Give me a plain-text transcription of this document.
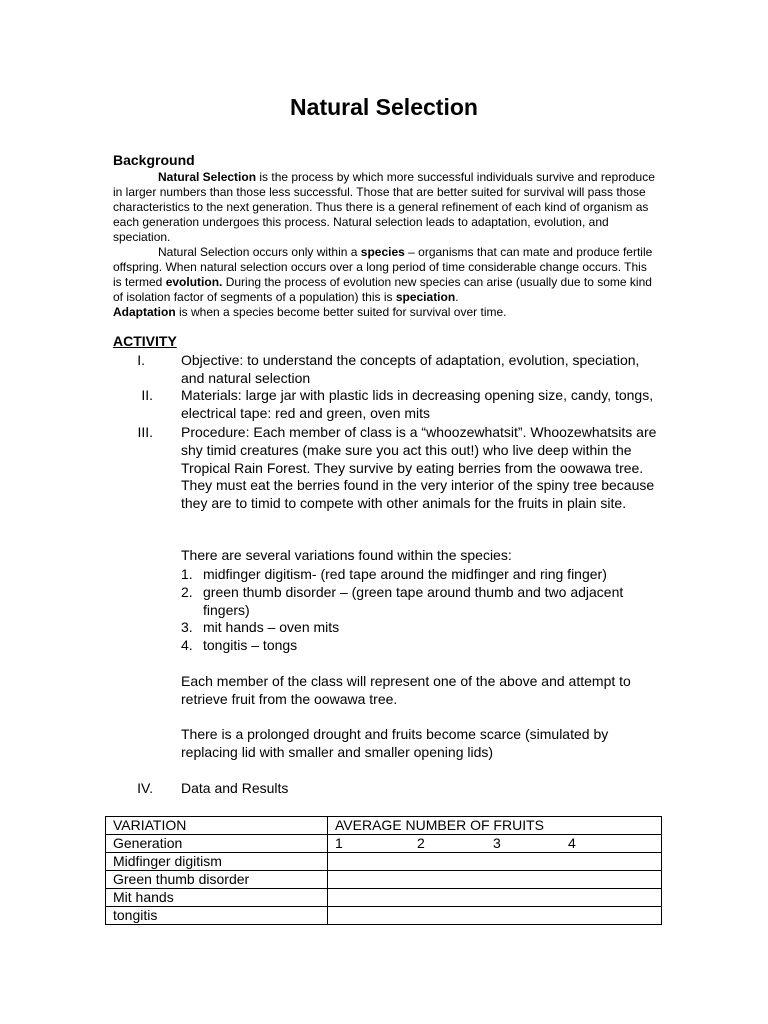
Natural Selection
Background

Natural Selection is the process by which more successful individuals survive and reproduce in larger numbers than those less successful. Those that are better suited for survival will pass those characteristics to the next generation. Thus there is a general refinement of each kind of organism as each generation undergoes this process. Natural selection leads to adaptation, evolution, and speciation.

Natural Selection occurs only within a species – organisms that can mate and produce fertile offspring. When natural selection occurs over a long period of time considerable change occurs. This is termed evolution. During the process of evolution new species can arise (usually due to some kind of isolation factor of segments of a population) this is speciation.
Adaptation is when a species become better suited for survival over time.

ACTIVITY
I.	Objective: to understand the concepts of adaptation, evolution, speciation, and natural selection
II. Materials: large jar with plastic lids in decreasing opening size, candy, tongs, electrical tape: red and green, oven mits
III. Procedure: Each member of class is a “whoozewhatsit”. Whoozewhatsits are shy timid creatures (make sure you act this out!) who live deep within the Tropical Rain Forest. They survive by eating berries from the oowawa tree. They must eat the berries found in the very interior of the spiny tree because they are to timid to compete with other animals for the fruits in plain site.

There are several variations found within the species:

1. midfinger digitism- (red tape around the midfinger and ring finger)
2. green thumb disorder – (green tape around thumb and two adjacent fingers)
3. mit hands – oven mits
4. tongitis – tongs

Each member of the class will represent one of the above and attempt to retrieve fruit from the oowawa tree.

There is a prolonged drought and fruits become scarce (simulated by replacing lid with smaller and smaller opening lids)

IV. Data and Results
VARIATION	AVERAGE NUMBER OF FRUITS
Generation	1 2 3 4
Midfinger digitism	
Green thumb disorder	
Mit hands	
tongitis	
